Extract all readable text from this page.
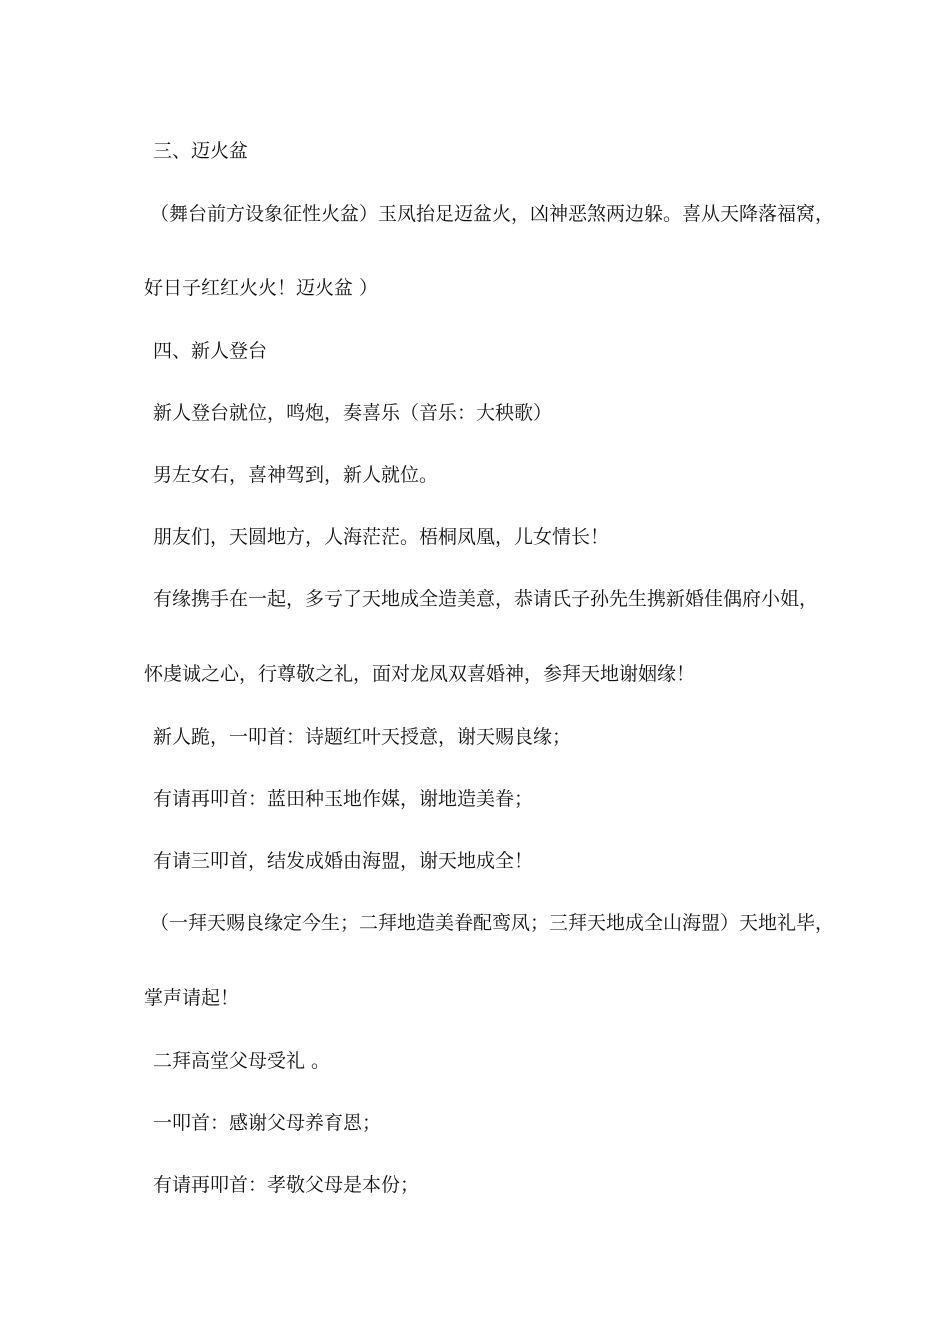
三、迈火盆
（舞台前方设象征性火盆）玉凤抬足迈盆火，凶神恶煞两边躲。喜从天降落福窝，
好日子红红火火！迈火盆 ）
四、新人登台
新人登台就位，鸣炮，奏喜乐（音乐：大秧歌）
男左女右，喜神驾到，新人就位。
朋友们，天圆地方，人海茫茫。梧桐凤凰，儿女情长！
有缘携手在一起，多亏了天地成全造美意，恭请氏子孙先生携新婚佳偶府小姐，
怀虔诚之心，行尊敬之礼，面对龙凤双喜婚神，参拜天地谢姻缘！
新人跪，一叩首：诗题红叶天授意，谢天赐良缘；
有请再叩首：蓝田种玉地作媒，谢地造美眷；
有请三叩首，结发成婚由海盟，谢天地成全！
（一拜天赐良缘定今生；二拜地造美眷配鸾凤；三拜天地成全山海盟）天地礼毕，
掌声请起！
二拜高堂父母受礼 。
一叩首：感谢父母养育恩；
有请再叩首：孝敬父母是本份；
